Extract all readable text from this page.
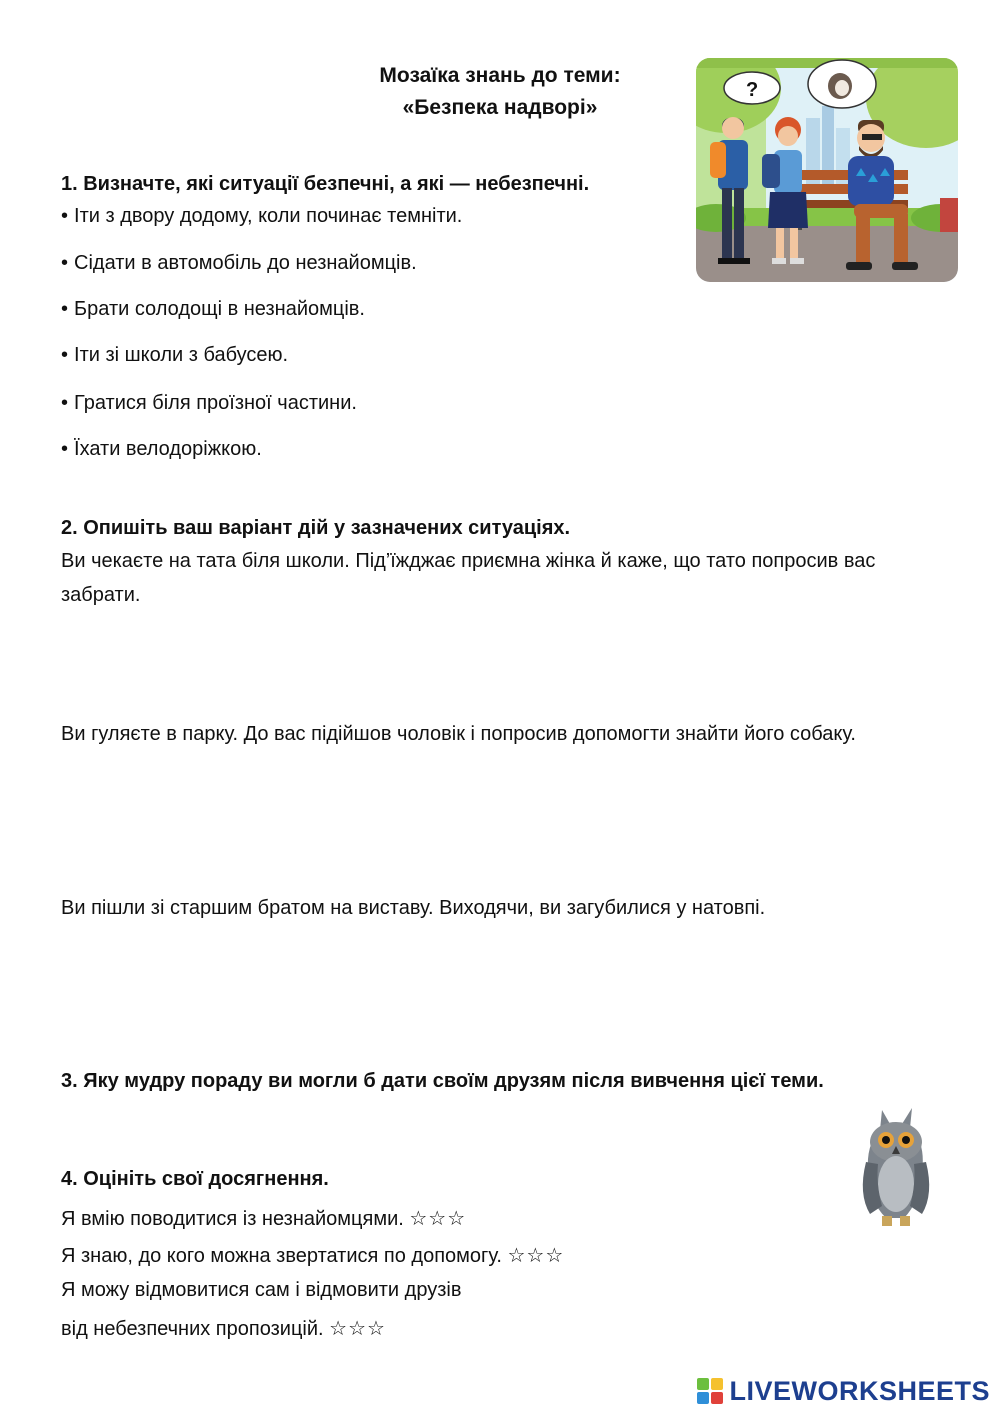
Мозаїка знань до теми:
«Безпека надворі»
?
1. Визначте, які ситуації безпечні, а які — небезпечні.
• Іти з двору додому, коли починає темніти.
• Сідати в автомобіль до незнайомців.
• Брати солодощі в незнайомців.
• Іти зі школи з бабусею.
• Гратися біля проїзної частини.
• Їхати велодоріжкою.
2. Опишіть ваш варіант дій у зазначених ситуаціях.
Ви чекаєте на тата біля школи. Під’їжджає приємна жінка й каже, що тато попросив вас забрати.
Ви гуляєте в парку. До вас підійшов чоловік і попросив допомогти знайти його собаку.
Ви пішли зі старшим братом на виставу. Виходячи, ви загубилися у натовпі.
3. Яку мудру пораду ви могли б дати своїм друзям після вивчення цієї теми.
4. Оцініть свої досягнення.
Я вмію поводитися із незнайомцями. ☆☆☆
Я знаю, до кого можна звертатися по допомогу. ☆☆☆
Я можу відмовитися сам і відмовити друзів
від небезпечних пропозицій. ☆☆☆
LIVEWORKSHEETS
